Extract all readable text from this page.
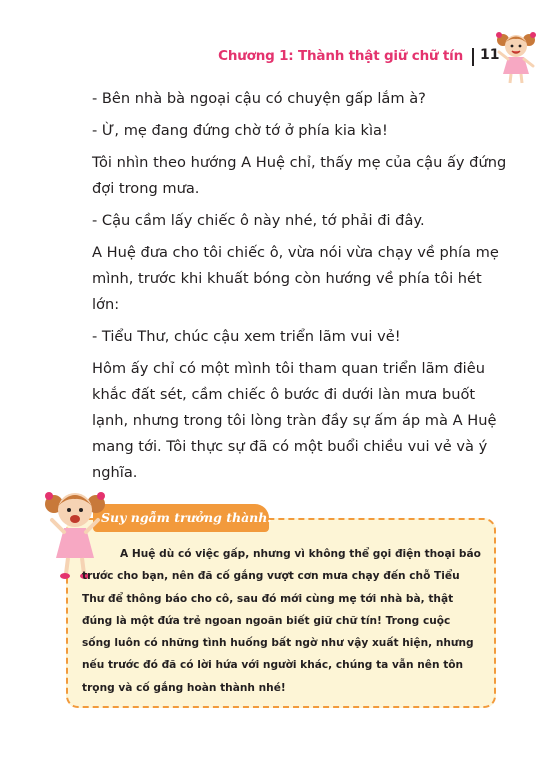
Chương 1: Thành thật giữ chữ tín 11

- Bên nhà bà ngoại cậu có chuyện gấp lắm à?

- Ừ, mẹ đang đứng chờ tớ ở phía kia kìa!

Tôi nhìn theo hướng A Huệ chỉ, thấy mẹ của cậu ấy đứng đợi trong mưa.

- Cậu cầm lấy chiếc ô này nhé, tớ phải đi đây.

A Huệ đưa cho tôi chiếc ô, vừa nói vừa chạy về phía mẹ mình, trước khi khuất bóng còn hướng về phía tôi hét lớn:

- Tiểu Thư, chúc cậu xem triển lãm vui vẻ!

Hôm ấy chỉ có một mình tôi tham quan triển lãm điêu khắc đất sét, cầm chiếc ô bước đi dưới làn mưa buốt lạnh, nhưng trong tôi lòng tràn đầy sự ấm áp mà A Huệ mang tới. Tôi thực sự đã có một buổi chiều vui vẻ và ý nghĩa.

Suy ngẫm trưởng thành:

A Huệ dù có việc gấp, nhưng vì không thể gọi điện thoại báo trước cho bạn, nên đã cố gắng vượt cơn mưa chạy đến chỗ Tiểu Thư để thông báo cho cô, sau đó mới cùng mẹ tới nhà bà, thật đúng là một đứa trẻ ngoan ngoãn biết giữ chữ tín! Trong cuộc sống luôn có những tình huống bất ngờ như vậy xuất hiện, nhưng nếu trước đó đã có lời hứa với người khác, chúng ta vẫn nên tôn trọng và cố gắng hoàn thành nhé!
